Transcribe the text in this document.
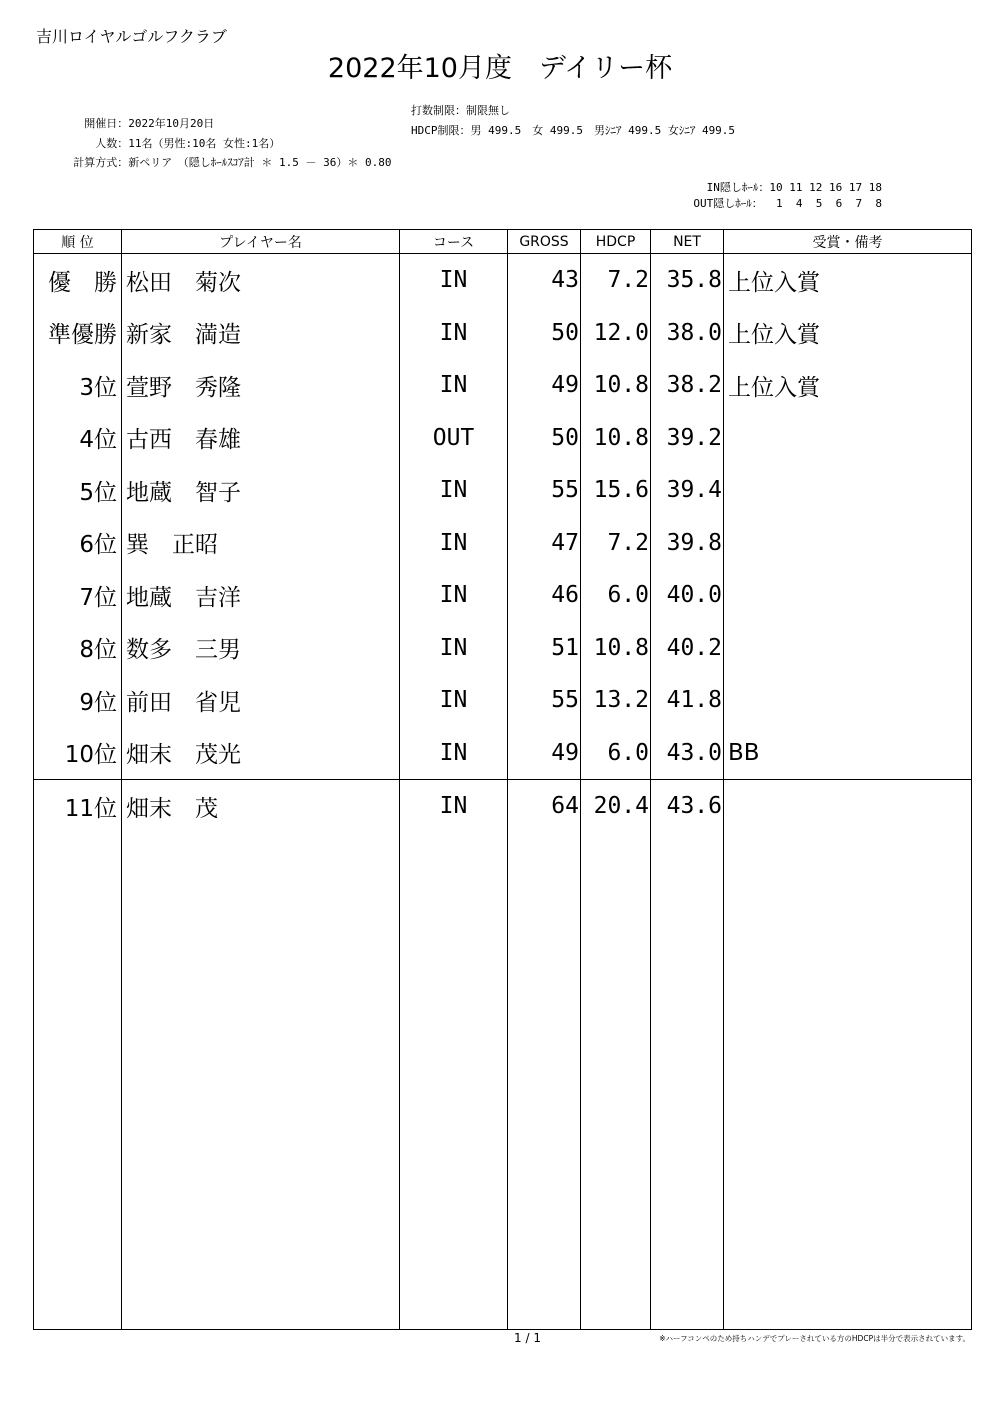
吉川ロイヤルゴルフクラブ
2022年10月度　デイリー杯

開催日：2022年10月20日

人数：11名（男性:10名 女性:1名）

計算方式：新ペリア　（隠しﾎｰﾙｽｺｱ計 ＊ 1.5 － 36）＊ 0.80

打数制限：制限無し
HDCP制限：男 499.5　女 499.5　男ｼﾆｱ 499.5 女ｼﾆｱ 499.5
IN隠しﾎｰﾙ：10 11 12 16 17 18
OUT隠しﾎｰﾙ：  1  4  5  6  7  8
順 位	プレイヤー名	コース	GROSS	HDCP	NET	受賞・備考
優　勝	松田　菊次	IN	43	7.2	35.8	上位入賞
準優勝	新家　満造	IN	50	12.0	38.0	上位入賞
3位	萱野　秀隆	IN	49	10.8	38.2	上位入賞
4位	古西　春雄	OUT	50	10.8	39.2	
5位	地蔵　智子	IN	55	15.6	39.4	
6位	巽　正昭	IN	47	7.2	39.8	
7位	地蔵　吉洋	IN	46	6.0	40.0	
8位	数多　三男	IN	51	10.8	40.2	
9位	前田　省児	IN	55	13.2	41.8	
10位	畑末　茂光	IN	49	6.0	43.0	BB
11位	畑末　茂	IN	64	20.4	43.6	

1 / 1	※ハーフコンペのため持ちハンデでプレーされている方のHDCPは半分で表示されています。
